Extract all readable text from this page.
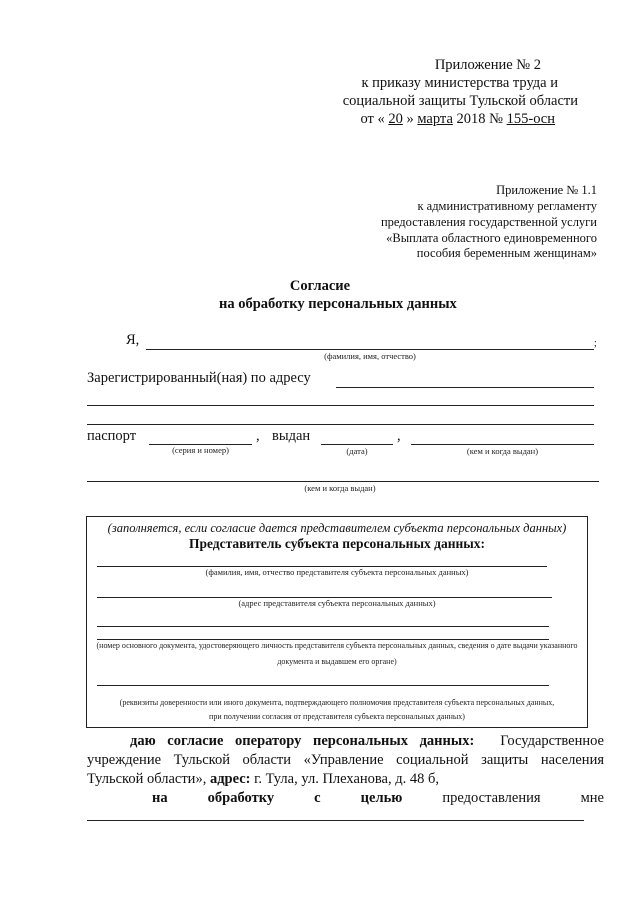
Приложение № 2
к приказу министерства труда и
социальной защиты Тульской области
от « 20 » марта 2018 № 155-осн
Приложение № 1.1
к административному регламенту
предоставления государственной услуги
«Выплата областного единовременного
пособия беременным женщинам»
Согласие
на обработку персональных данных
Я,	;
(фамилия, имя, отчество)
Зарегистрированный(ная) по адресу
паспорт	, выдан	,
(серия и номер)	(дата)	(кем и когда выдан)
(кем и когда выдан)
(заполняется, если согласие дается представителем субъекта персональных данных)
Представитель субъекта персональных данных:
(фамилия, имя, отчество представителя субъекта персональных данных)
(адрес представителя субъекта персональных данных)
(номер основного документа, удостоверяющего личность представителя субъекта персональных данных, сведения о дате выдачи указанного
документа и выдавшем его органе)
(реквизиты доверенности или иного документа, подтверждающего полномочия представителя субъекта персональных данных,
при получении согласия от представителя субъекта персональных данных)
даю согласие оператору персональных данных: Государственное
учреждение Тульской области «Управление социальной защиты населения
Тульской области», адрес: г. Тула, ул. Плеханова, д. 48 б,
на	обработку	с	целью	предоставления	мне
